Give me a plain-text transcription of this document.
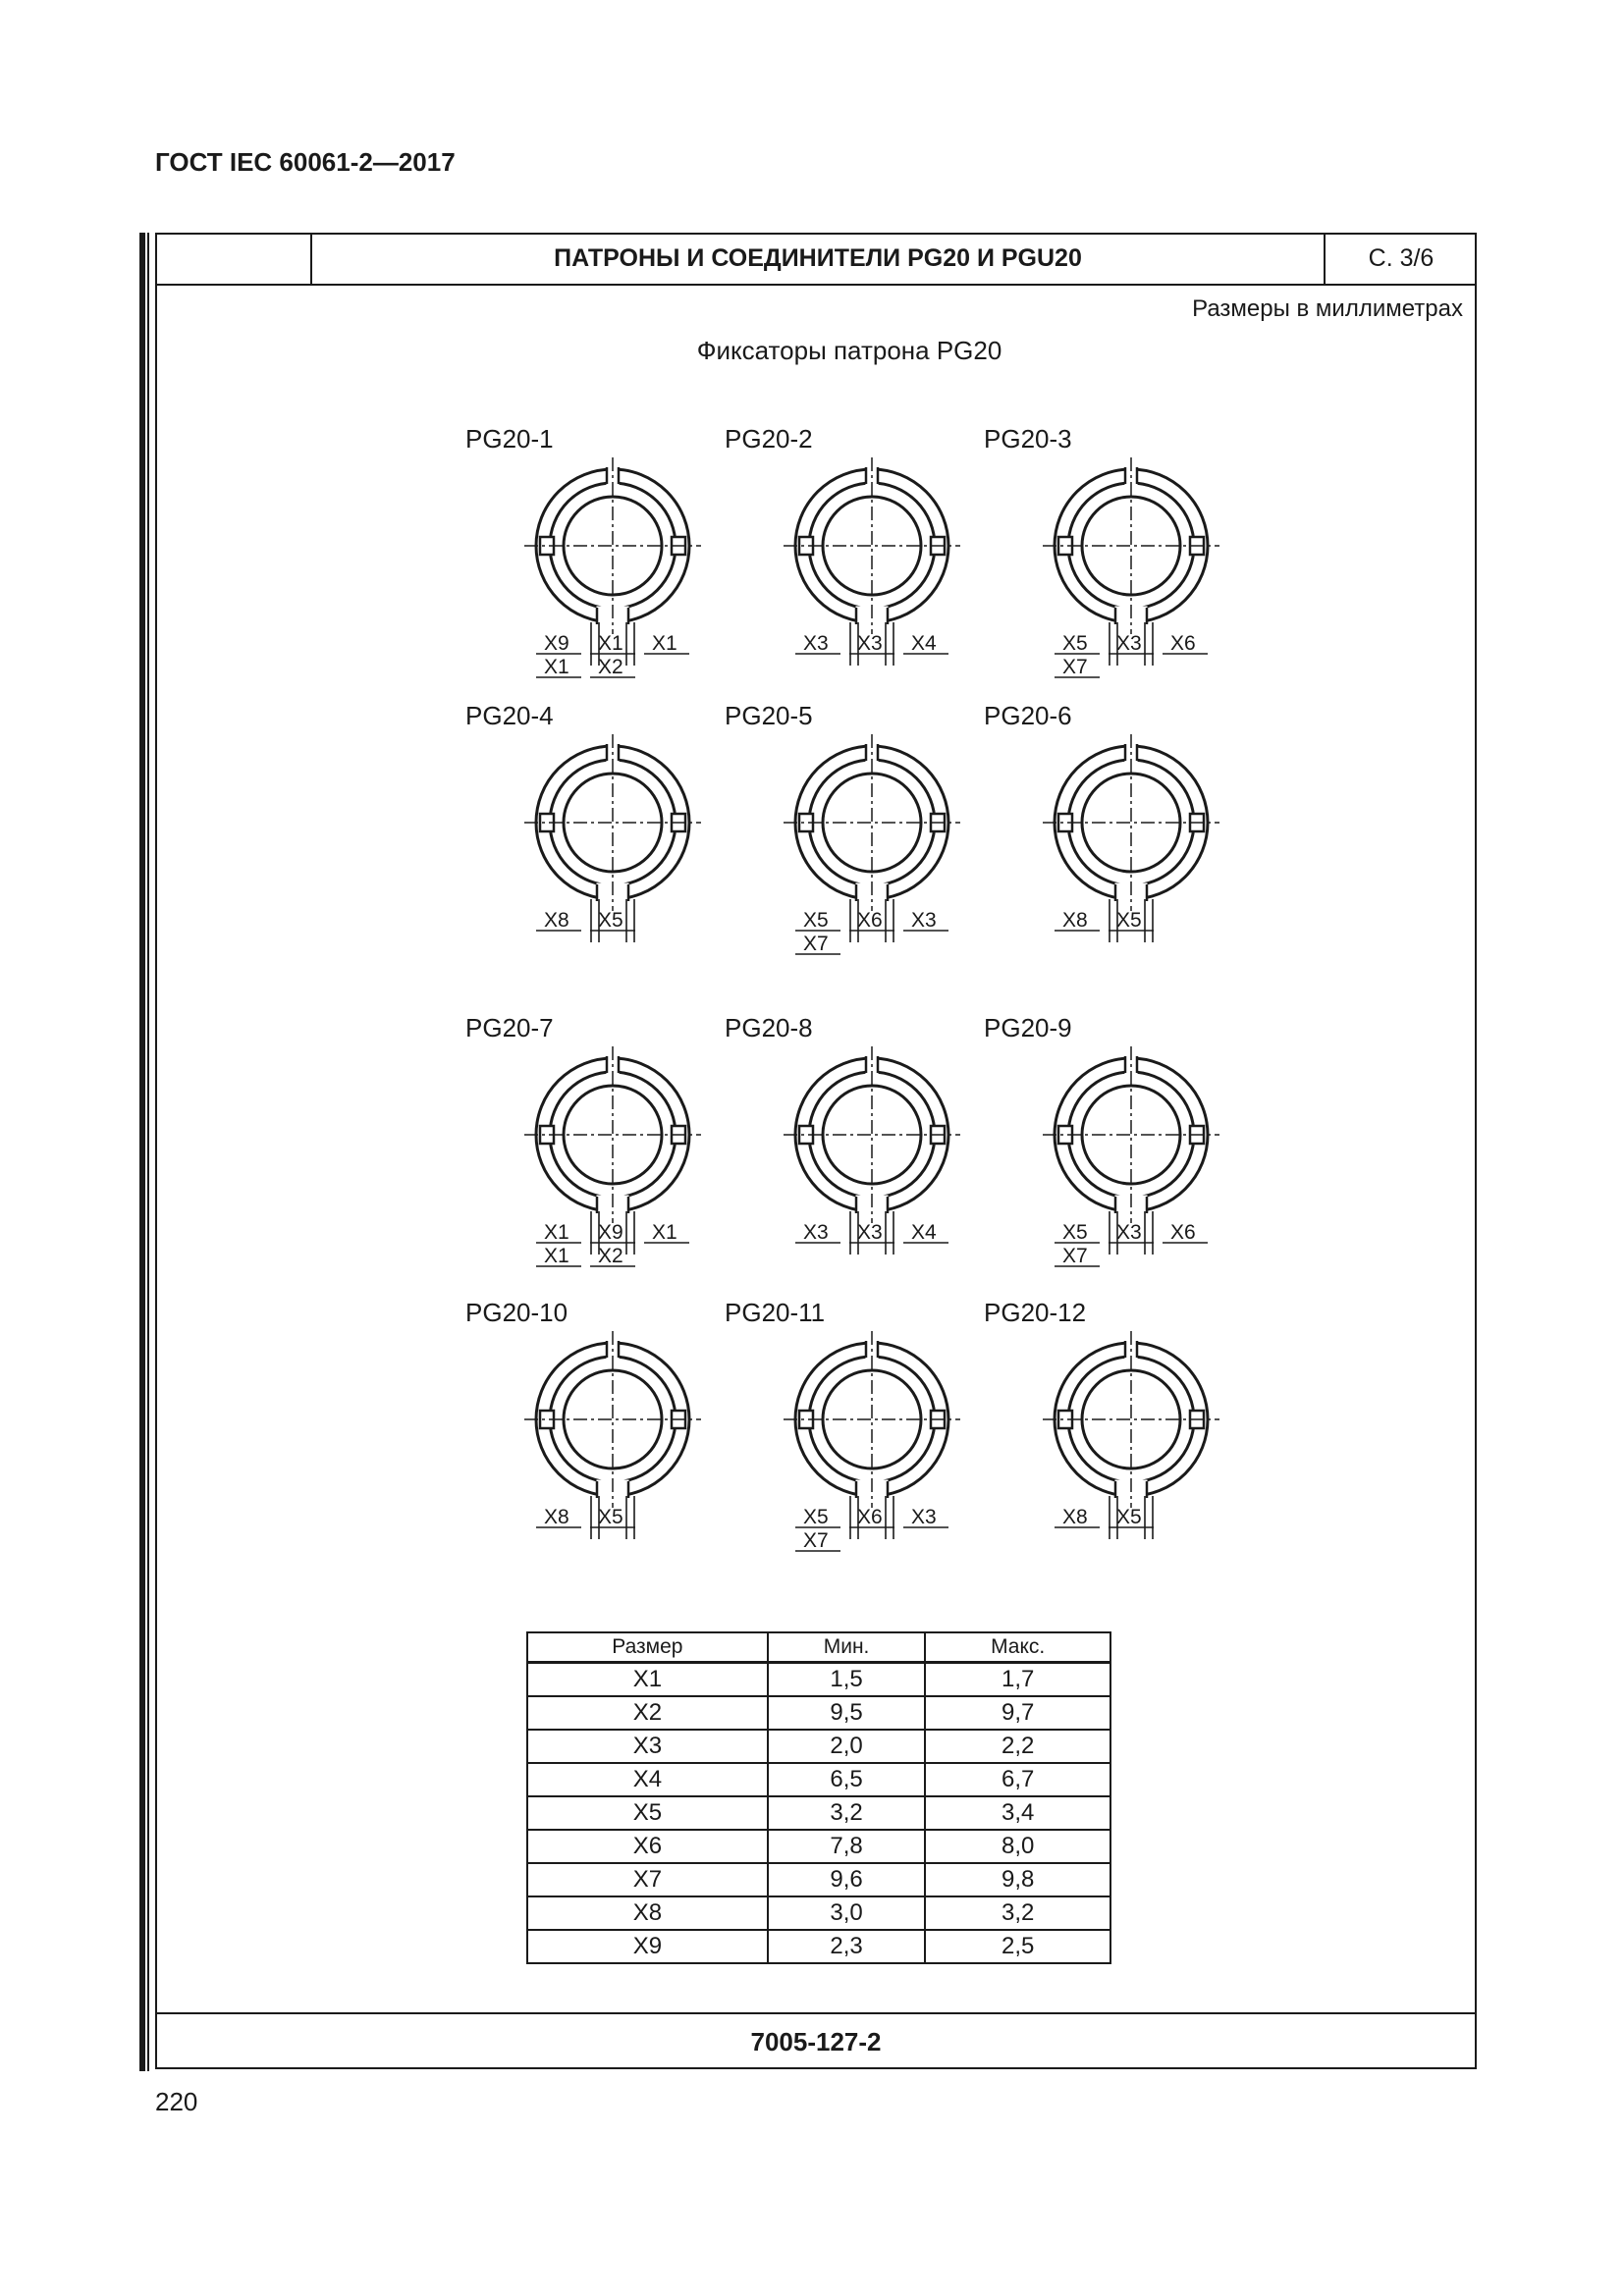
ГОСТ IEC 60061-2—2017
ПАТРОНЫ И СОЕДИНИТЕЛИ PG20 И PGU20	С. 3/6
Размеры в миллиметрах
Фиксаторы патрона PG20
PG20-1
X9 X1 X1
X1 X2
PG20-2
X3 X3 X4
PG20-3
X5 X3 X6
X7
PG20-4
X8 X5
PG20-5
X5 X6 X3
X7
PG20-6
X8 X5
PG20-7
X1 X9 X1
X1 X2
PG20-8
X3 X3 X4
PG20-9
X5 X3 X6
X7
PG20-10
X8 X5
PG20-11
X5 X6 X3
X7
PG20-12
X8 X5
Размер	Мин.	Макс.
X1	1,5	1,7
X2	9,5	9,7
X3	2,0	2,2
X4	6,5	6,7
X5	3,2	3,4
X6	7,8	8,0
X7	9,6	9,8
X8	3,0	3,2
X9	2,3	2,5
7005-127-2
220
